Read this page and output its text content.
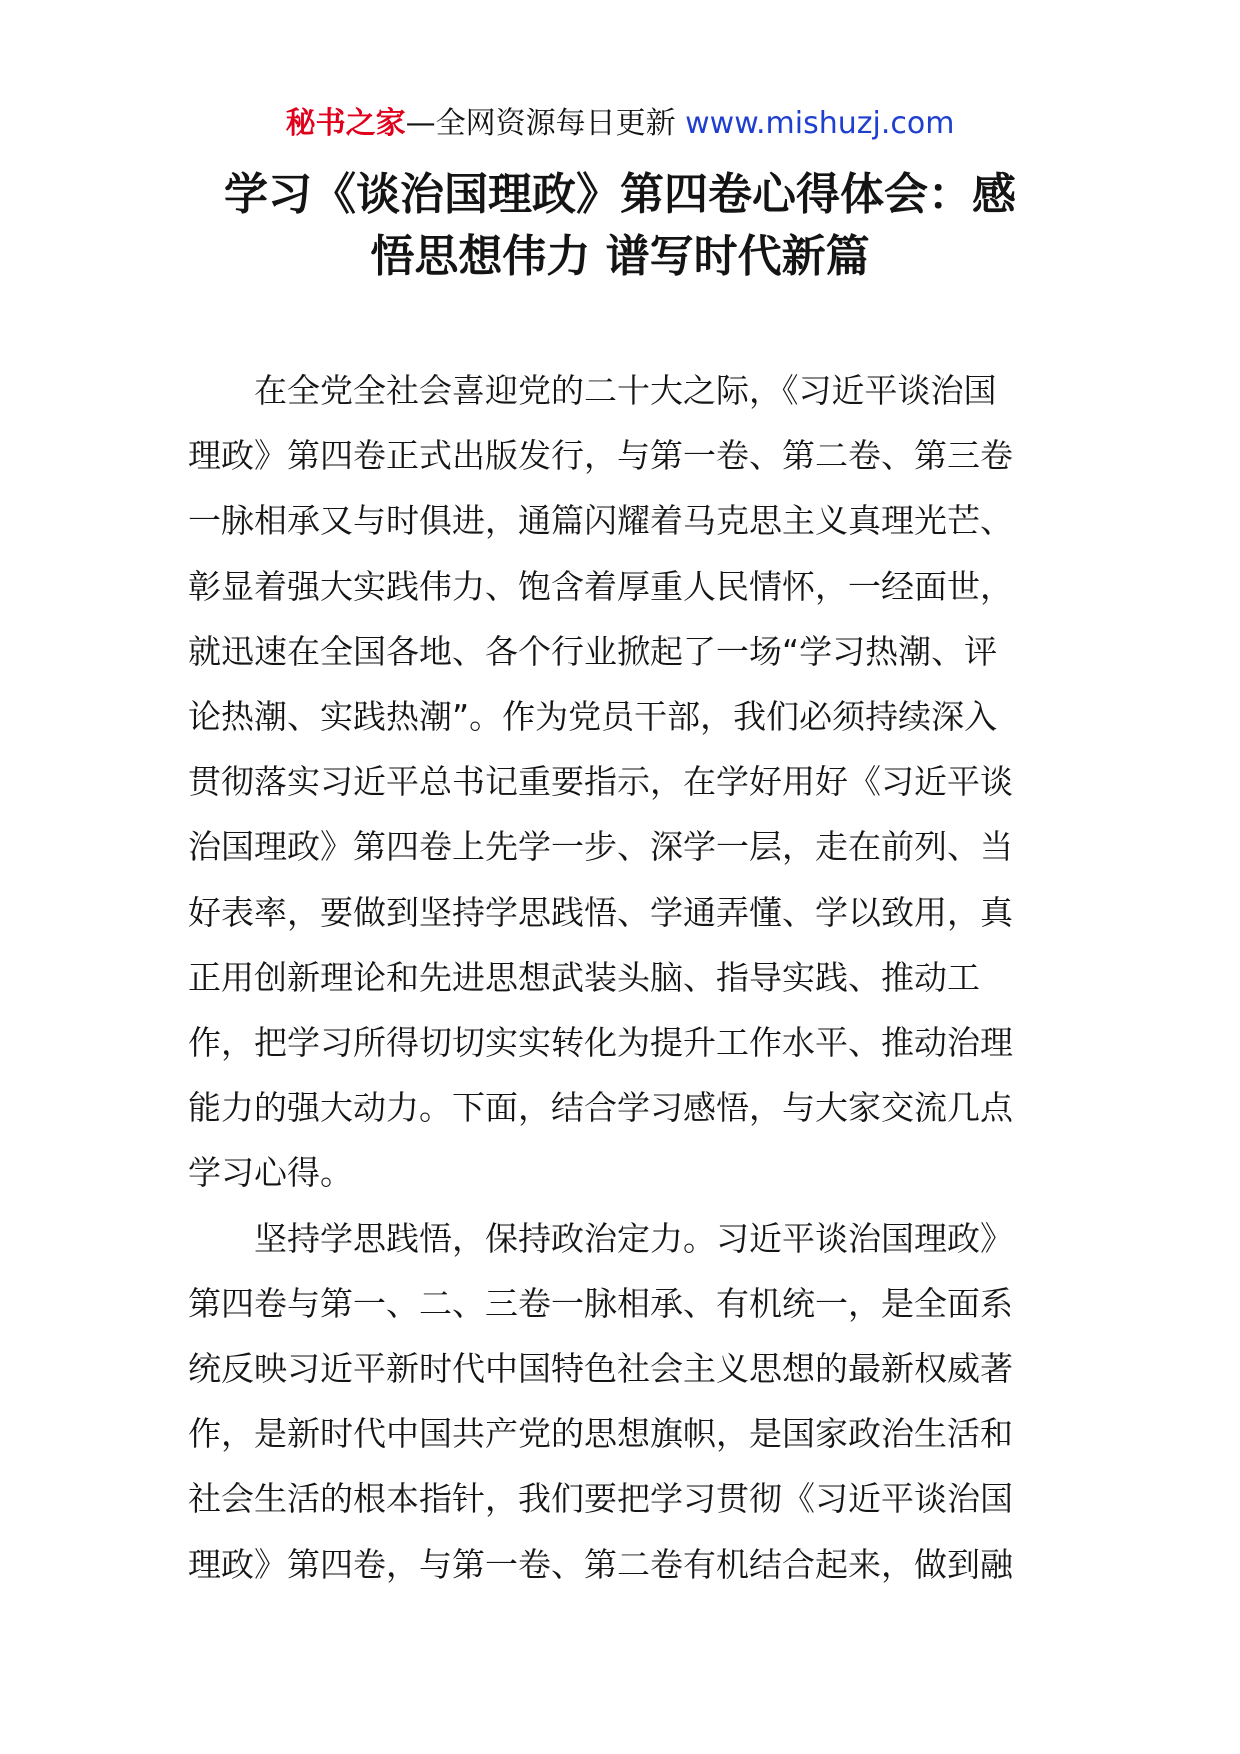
秘书之家—全网资源每日更新 www.mishuzj.com
学习《谈治国理政》第四卷心得体会：感
悟思想伟力 谱写时代新篇

在全党全社会喜迎党的二十大之际，《习近平谈治国
理政》第四卷正式出版发行，与第一卷、第二卷、第三卷
一脉相承又与时俱进，通篇闪耀着马克思主义真理光芒、
彰显着强大实践伟力、饱含着厚重人民情怀，一经面世，
就迅速在全国各地、各个行业掀起了一场“学习热潮、评
论热潮、实践热潮”。作为党员干部，我们必须持续深入
贯彻落实习近平总书记重要指示，在学好用好《习近平谈
治国理政》第四卷上先学一步、深学一层，走在前列、当
好表率，要做到坚持学思践悟、学通弄懂、学以致用，真
正用创新理论和先进思想武装头脑、指导实践、推动工
作，把学习所得切切实实转化为提升工作水平、推动治理
能力的强大动力。下面，结合学习感悟，与大家交流几点
学习心得。

坚持学思践悟，保持政治定力。习近平谈治国理政》
第四卷与第一、二、三卷一脉相承、有机统一，是全面系
统反映习近平新时代中国特色社会主义思想的最新权威著
作，是新时代中国共产党的思想旗帜，是国家政治生活和
社会生活的根本指针，我们要把学习贯彻《习近平谈治国
理政》第四卷，与第一卷、第二卷有机结合起来，做到融
